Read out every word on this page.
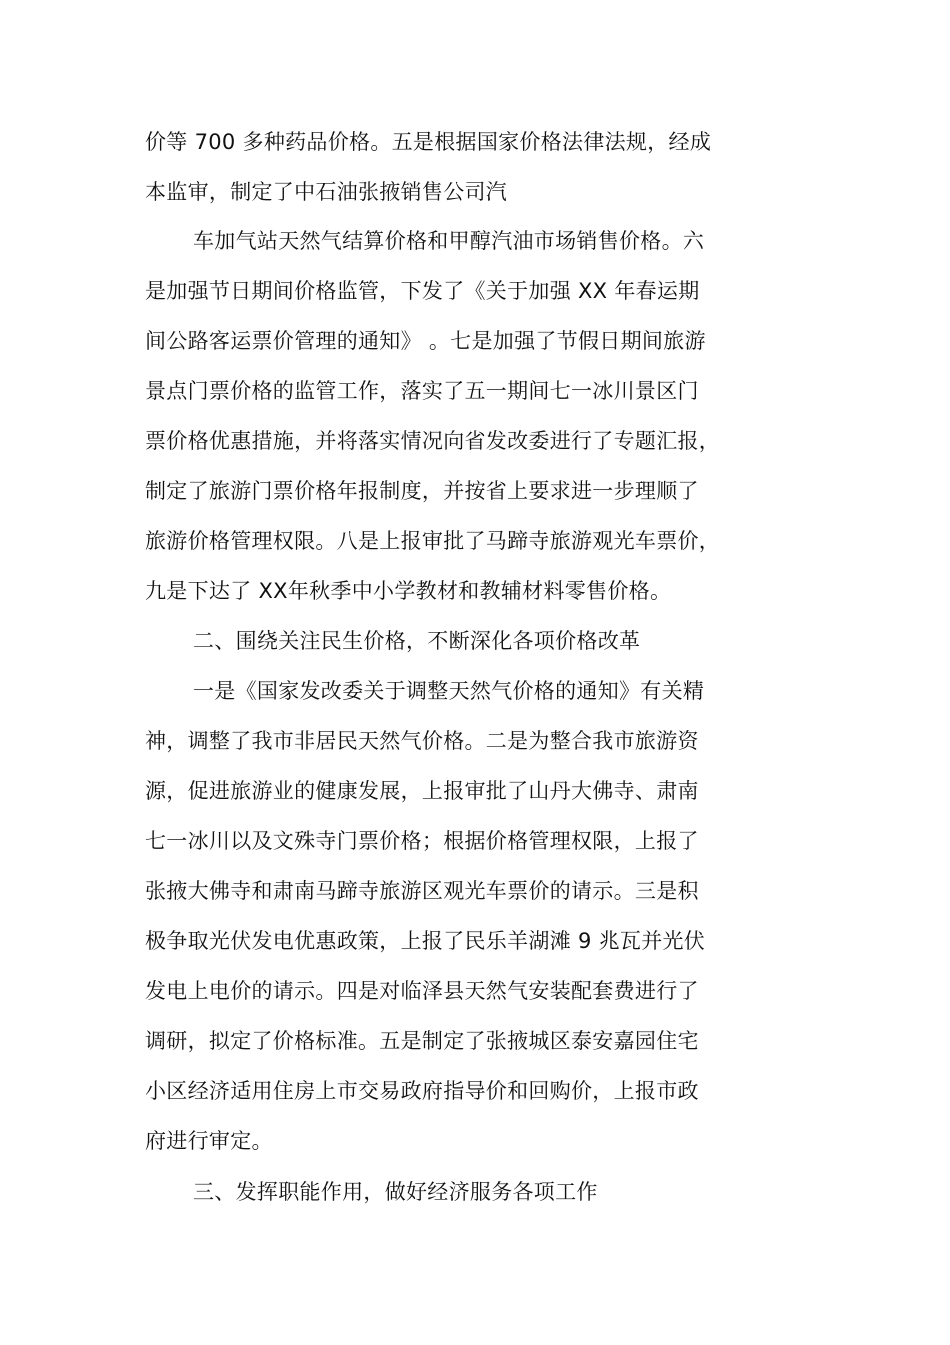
价等 700 多种药品价格。五是根据国家价格法律法规，经成
本监审，制定了中石油张掖销售公司汽
车加气站天然气结算价格和甲醇汽油市场销售价格。六
是加强节日期间价格监管，下发了《关于加强 XX 年春运期
间公路客运票价管理的通知》 。七是加强了节假日期间旅游
景点门票价格的监管工作，落实了五一期间七一冰川景区门
票价格优惠措施，并将落实情况向省发改委进行了专题汇报，
制定了旅游门票价格年报制度，并按省上要求进一步理顺了
旅游价格管理权限。八是上报审批了马蹄寺旅游观光车票价，
九是下达了 XX年秋季中小学教材和教辅材料零售价格。
二、围绕关注民生价格，不断深化各项价格改革
一是《国家发改委关于调整天然气价格的通知》有关精
神，调整了我市非居民天然气价格。二是为整合我市旅游资
源，促进旅游业的健康发展，上报审批了山丹大佛寺、肃南
七一冰川以及文殊寺门票价格；根据价格管理权限，上报了
张掖大佛寺和肃南马蹄寺旅游区观光车票价的请示。三是积
极争取光伏发电优惠政策，上报了民乐羊湖滩 9 兆瓦并光伏
发电上电价的请示。四是对临泽县天然气安装配套费进行了
调研，拟定了价格标准。五是制定了张掖城区泰安嘉园住宅
小区经济适用住房上市交易政府指导价和回购价，上报市政
府进行审定。
三、发挥职能作用，做好经济服务各项工作
